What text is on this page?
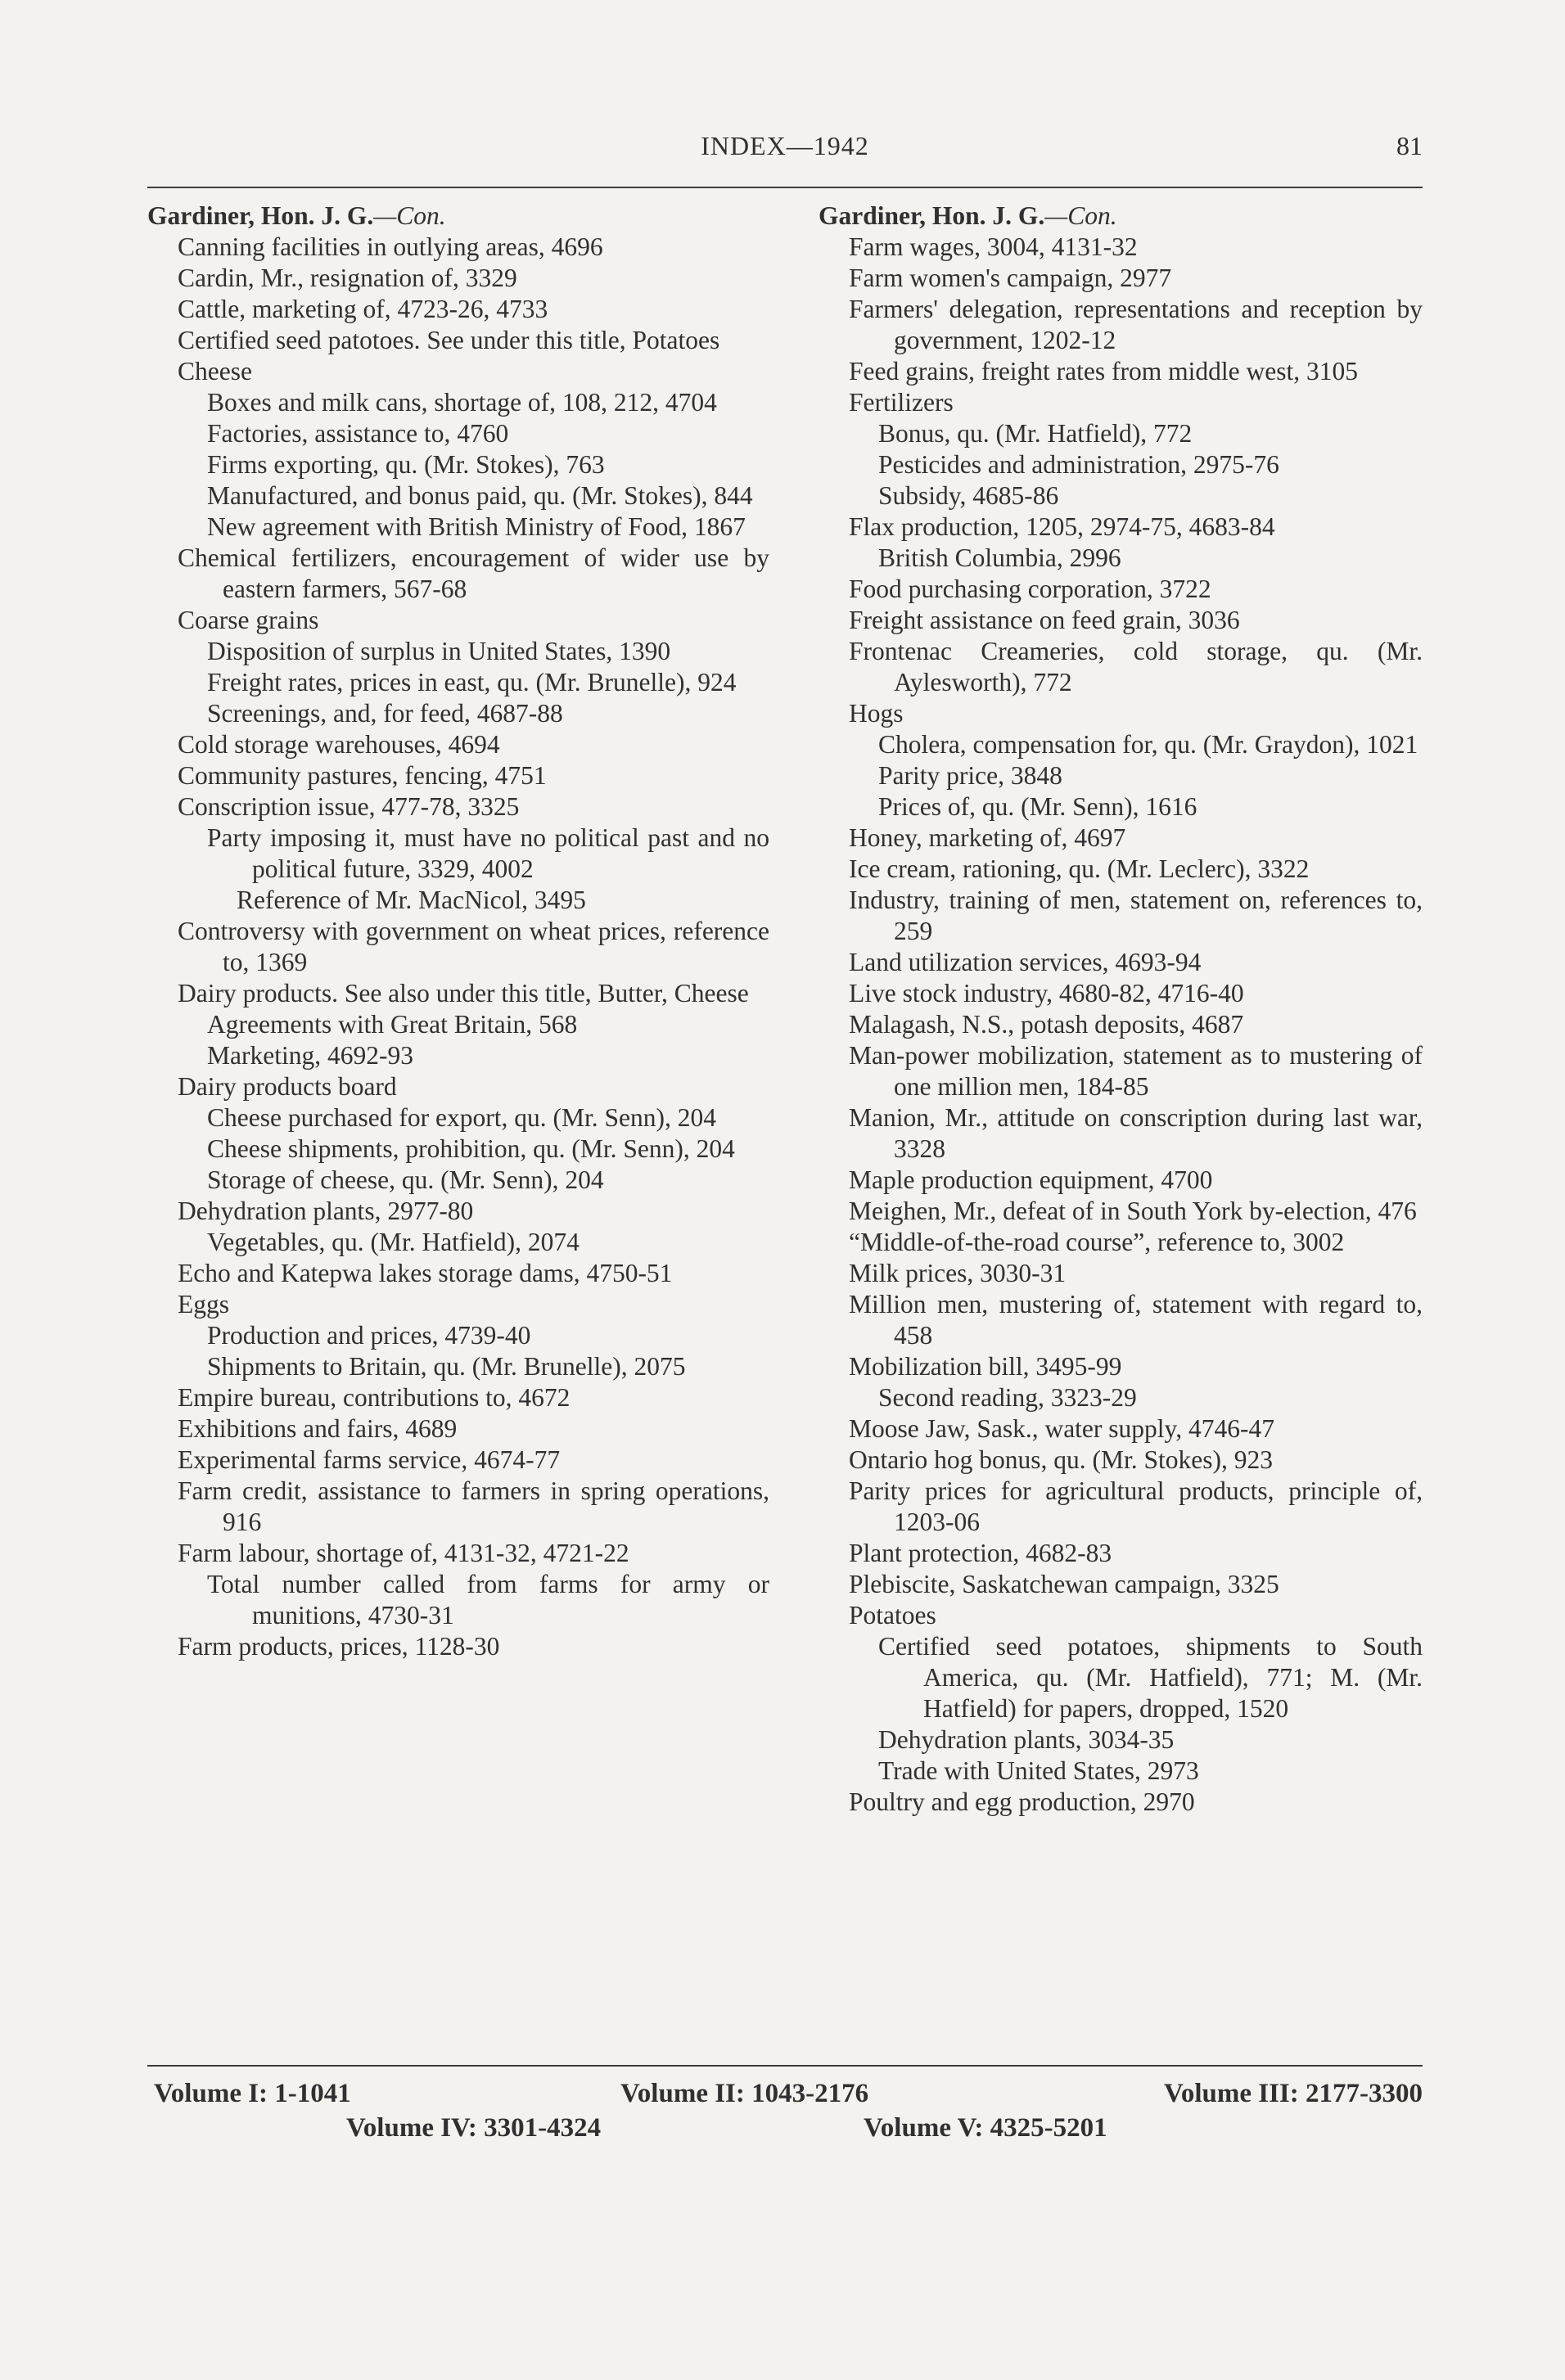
INDEX—1942	81

Gardiner, Hon. J. G.—Con.

Canning facilities in outlying areas, 4696

Cardin, Mr., resignation of, 3329

Cattle, marketing of, 4723-26, 4733

Certified seed patotoes. See under this title, Potatoes

Cheese

Boxes and milk cans, shortage of, 108, 212, 4704

Factories, assistance to, 4760

Firms exporting, qu. (Mr. Stokes), 763

Manufactured, and bonus paid, qu. (Mr. Stokes), 844

New agreement with British Ministry of Food, 1867

Chemical fertilizers, encouragement of wider use by eastern farmers, 567-68

Coarse grains

Disposition of surplus in United States, 1390

Freight rates, prices in east, qu. (Mr. Brunelle), 924

Screenings, and, for feed, 4687-88

Cold storage warehouses, 4694

Community pastures, fencing, 4751

Conscription issue, 477-78, 3325

Party imposing it, must have no political past and no political future, 3329, 4002

Reference of Mr. MacNicol, 3495

Controversy with government on wheat prices, reference to, 1369

Dairy products. See also under this title, Butter, Cheese

Agreements with Great Britain, 568

Marketing, 4692-93

Dairy products board

Cheese purchased for export, qu. (Mr. Senn), 204

Cheese shipments, prohibition, qu. (Mr. Senn), 204

Storage of cheese, qu. (Mr. Senn), 204

Dehydration plants, 2977-80

Vegetables, qu. (Mr. Hatfield), 2074

Echo and Katepwa lakes storage dams, 4750-51

Eggs

Production and prices, 4739-40

Shipments to Britain, qu. (Mr. Brunelle), 2075

Empire bureau, contributions to, 4672

Exhibitions and fairs, 4689

Experimental farms service, 4674-77

Farm credit, assistance to farmers in spring operations, 916

Farm labour, shortage of, 4131-32, 4721-22

Total number called from farms for army or munitions, 4730-31

Farm products, prices, 1128-30

Gardiner, Hon. J. G.—Con.

Farm wages, 3004, 4131-32

Farm women's campaign, 2977

Farmers' delegation, representations and reception by government, 1202-12

Feed grains, freight rates from middle west, 3105

Fertilizers

Bonus, qu. (Mr. Hatfield), 772

Pesticides and administration, 2975-76

Subsidy, 4685-86

Flax production, 1205, 2974-75, 4683-84

British Columbia, 2996

Food purchasing corporation, 3722

Freight assistance on feed grain, 3036

Frontenac Creameries, cold storage, qu. (Mr. Aylesworth), 772

Hogs

Cholera, compensation for, qu. (Mr. Graydon), 1021

Parity price, 3848

Prices of, qu. (Mr. Senn), 1616

Honey, marketing of, 4697

Ice cream, rationing, qu. (Mr. Leclerc), 3322

Industry, training of men, statement on, references to, 259

Land utilization services, 4693-94

Live stock industry, 4680-82, 4716-40

Malagash, N.S., potash deposits, 4687

Man-power mobilization, statement as to mustering of one million men, 184-85

Manion, Mr., attitude on conscription during last war, 3328

Maple production equipment, 4700

Meighen, Mr., defeat of in South York by-election, 476

“Middle-of-the-road course”, reference to, 3002

Milk prices, 3030-31

Million men, mustering of, statement with regard to, 458

Mobilization bill, 3495-99

Second reading, 3323-29

Moose Jaw, Sask., water supply, 4746-47

Ontario hog bonus, qu. (Mr. Stokes), 923

Parity prices for agricultural products, principle of, 1203-06

Plant protection, 4682-83

Plebiscite, Saskatchewan campaign, 3325

Potatoes

Certified seed potatoes, shipments to South America, qu. (Mr. Hatfield), 771; M. (Mr. Hatfield) for papers, dropped, 1520

Dehydration plants, 3034-35

Trade with United States, 2973

Poultry and egg production, 2970

Volume I: 1-1041	Volume II: 1043-2176	Volume III: 2177-3300
Volume IV: 3301-4324	Volume V: 4325-5201
